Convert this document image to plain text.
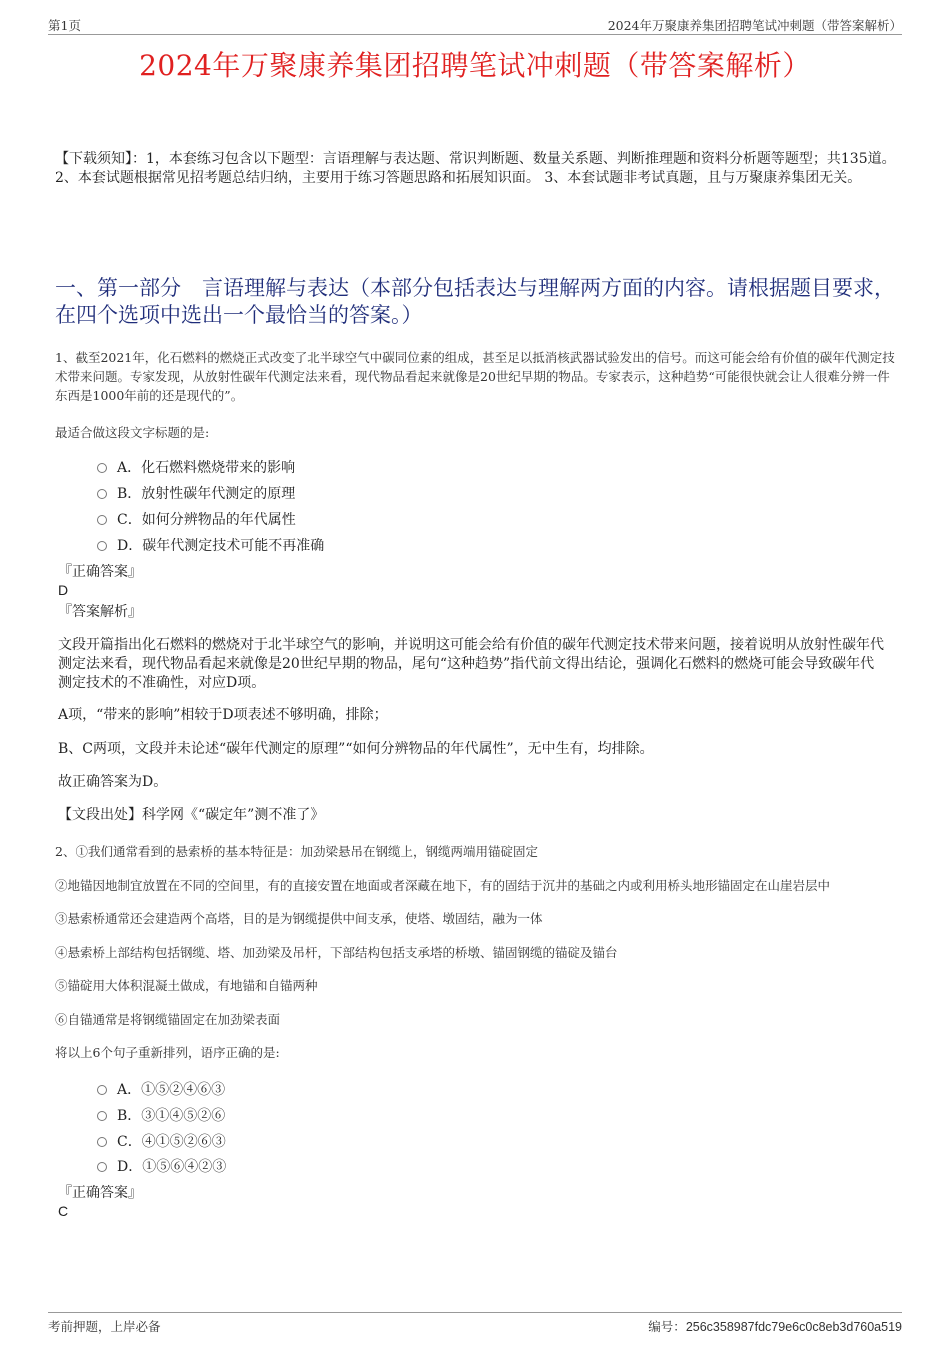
第1页	2024年万聚康养集团招聘笔试冲刺题（带答案解析）
2024年万聚康养集团招聘笔试冲刺题（带答案解析）
【下载须知】：1，本套练习包含以下题型：言语理解与表达题、常识判断题、数量关系题、判断推理题和资料分析题等题型；共135道。 2、本套试题根据常见招考题总结归纳，主要用于练习答题思路和拓展知识面。 3、本套试题非考试真题，且与万聚康养集团无关。
一、第一部分　言语理解与表达（本部分包括表达与理解两方面的内容。请根据题目要求，在四个选项中选出一个最恰当的答案。）
1、截至2021年，化石燃料的燃烧正式改变了北半球空气中碳同位素的组成，甚至足以抵消核武器试验发出的信号。而这可能会给有价值的碳年代测定技术带来问题。专家发现，从放射性碳年代测定法来看，现代物品看起来就像是20世纪早期的物品。专家表示，这种趋势“可能很快就会让人很难分辨一件东西是1000年前的还是现代的”。
最适合做这段文字标题的是:
A．化石燃料燃烧带来的影响
B．放射性碳年代测定的原理
C．如何分辨物品的年代属性
D．碳年代测定技术可能不再准确
『正确答案』
D
『答案解析』
文段开篇指出化石燃料的燃烧对于北半球空气的影响，并说明这可能会给有价值的碳年代测定技术带来问题，接着说明从放射性碳年代测定法来看，现代物品看起来就像是20世纪早期的物品，尾句“这种趋势”指代前文得出结论，强调化石燃料的燃烧可能会导致碳年代测定技术的不准确性，对应D项。
A项，“带来的影响”相较于D项表述不够明确，排除；
B、C两项，文段并未论述“碳年代测定的原理”“如何分辨物品的年代属性”，无中生有，均排除。
故正确答案为D。
【文段出处】科学网《“碳定年”测不准了》
2、①我们通常看到的悬索桥的基本特征是：加劲梁悬吊在钢缆上，钢缆两端用锚碇固定
②地锚因地制宜放置在不同的空间里，有的直接安置在地面或者深藏在地下，有的固结于沉井的基础之内或利用桥头地形锚固定在山崖岩层中
③悬索桥通常还会建造两个高塔，目的是为钢缆提供中间支承，使塔、墩固结，融为一体
④悬索桥上部结构包括钢缆、塔、加劲梁及吊杆，下部结构包括支承塔的桥墩、锚固钢缆的锚碇及锚台
⑤锚碇用大体积混凝土做成，有地锚和自锚两种
⑥自锚通常是将钢缆锚固定在加劲梁表面
将以上6个句子重新排列，语序正确的是:
A．①⑤②④⑥③
B．③①④⑤②⑥
C．④①⑤②⑥③
D．①⑤⑥④②③
『正确答案』
C
考前押题，上岸必备	编号：256c358987fdc79e6c0c8eb3d760a519
